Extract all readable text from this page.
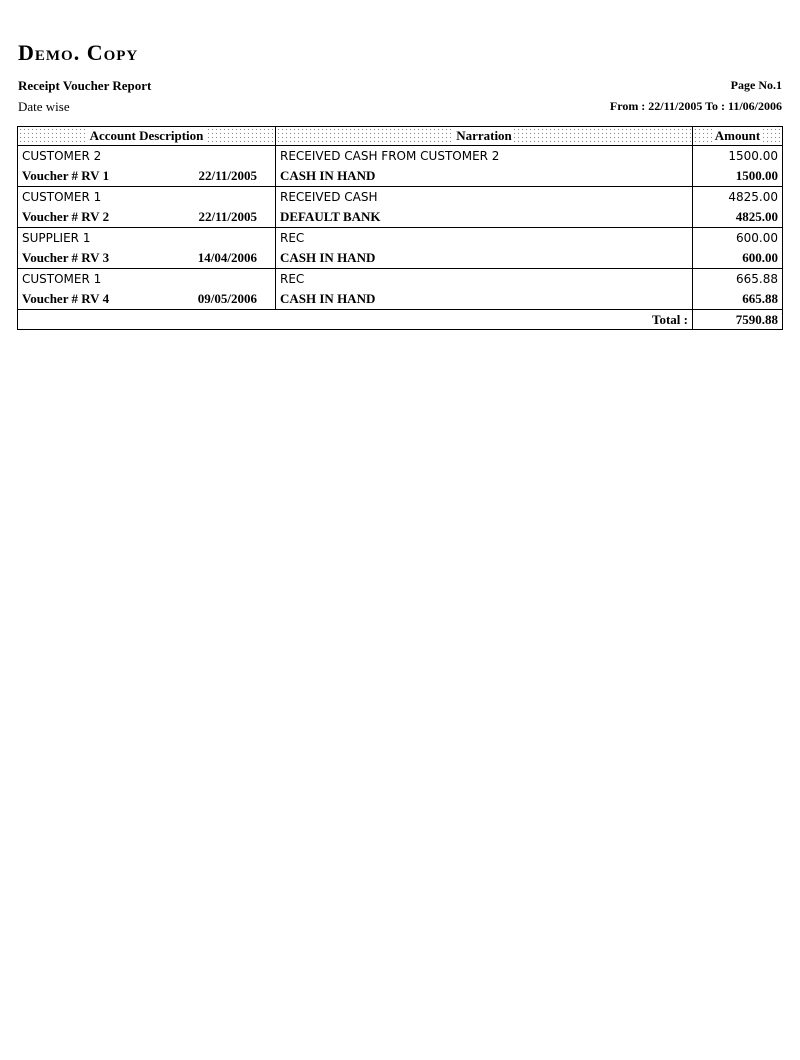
Demo. Copy
Receipt Voucher Report
Date wise
Page No.1
From : 22/11/2005 To : 11/06/2006
Account Description	Narration	Amount
CUSTOMER 2	RECEIVED CASH FROM CUSTOMER 2	1500.00
Voucher # RV 1 22/11/2005	CASH IN HAND	1500.00
CUSTOMER 1	RECEIVED CASH	4825.00
Voucher # RV 2 22/11/2005	DEFAULT BANK	4825.00
SUPPLIER 1	REC	600.00
Voucher # RV 3 14/04/2006	CASH IN HAND	600.00
CUSTOMER 1	REC	665.88
Voucher # RV 4 09/05/2006	CASH IN HAND	665.88
Total :		7590.88
